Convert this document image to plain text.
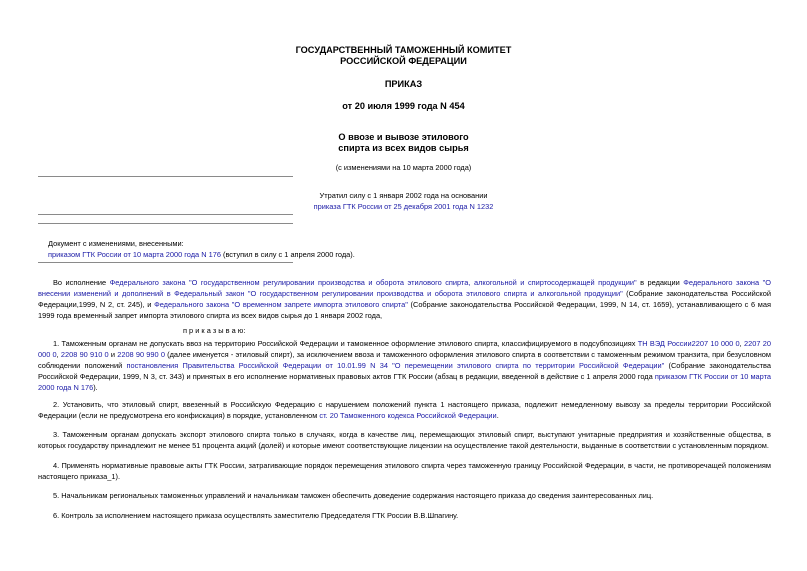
ГОСУДАРСТВЕННЫЙ ТАМОЖЕННЫЙ КОМИТЕТ
РОССИЙСКОЙ ФЕДЕРАЦИИ
ПРИКАЗ
от 20 июля 1999 года N 454
О ввозе и вывозе этилового
спирта из всех видов сырья
(с изменениями на 10 марта 2000 года)
Утратил силу с 1 января 2002 года на основании
приказа ГТК России от 25 декабря 2001 года N 1232
Документ с изменениями, внесенными:
приказом ГТК России от 10 марта 2000 года N 176 (вступил в силу с 1 апреля 2000 года).
Во исполнение Федерального закона "О государственном регулировании производства и оборота этилового спирта, алкогольной и спиртосодержащей продукции" в редакции Федерального закона "О внесении изменений и дополнений в Федеральный закон "О государственном регулировании производства и оборота этилового спирта и алкогольной продукции" (Собрание законодательства Российской Федерации,1999, N 2, ст. 245), и Федерального закона "О временном запрете импорта этилового спирта" (Собрание законодательства Российской Федерации, 1999, N 14, ст. 1659), устанавливающего с 6 мая 1999 года временный запрет импорта этилового спирта из всех видов сырья до 1 января 2002 года,
п р и к а з ы в а ю:
1. Таможенным органам не допускать ввоз на территорию Российской Федерации и таможенное оформление этилового спирта, классифицируемого в подсубпозициях ТН ВЭД России2207 10 000 0, 2207 20 000 0, 2208 90 910 0 и 2208 90 990 0 (далее именуется - этиловый спирт), за исключением ввоза и таможенного оформления этилового спирта в соответствии с таможенным режимом транзита, при безусловном соблюдении положений постановления Правительства Российской Федерации от 10.01.99 N 34 "О перемещении этилового спирта по территории Российской Федерации" (Собрание законодательства Российской Федерации, 1999, N 3, ст. 343) и принятых в его исполнение нормативных правовых актов ГТК России (абзац в редакции, введенной в действие с 1 апреля 2000 года приказом ГТК России от 10 марта 2000 года N 176).
2. Установить, что этиловый спирт, ввезенный в Российскую Федерацию с нарушением положений пункта 1 настоящего приказа, подлежит немедленному вывозу за пределы территории Российской Федерации (если не предусмотрена его конфискация) в порядке, установленном ст. 20 Таможенного кодекса Российской Федерации.
3. Таможенным органам допускать экспорт этилового спирта только в случаях, когда в качестве лиц, перемещающих этиловый спирт, выступают унитарные предприятия и хозяйственные общества, в которых государству принадлежит не менее 51 процента акций (долей) и которые имеют соответствующие лицензии на осуществление такой деятельности, выданные в соответствии с установленным порядком.
4. Применять нормативные правовые акты ГТК России, затрагивающие порядок перемещения этилового спирта через таможенную границу Российской Федерации, в части, не противоречащей положениям настоящего приказа_1).
5. Начальникам региональных таможенных управлений и начальникам таможен обеспечить доведение содержания настоящего приказа до сведения заинтересованных лиц.
6. Контроль за исполнением настоящего приказа осуществлять заместителю Председателя ГТК России В.В.Шпагину.
